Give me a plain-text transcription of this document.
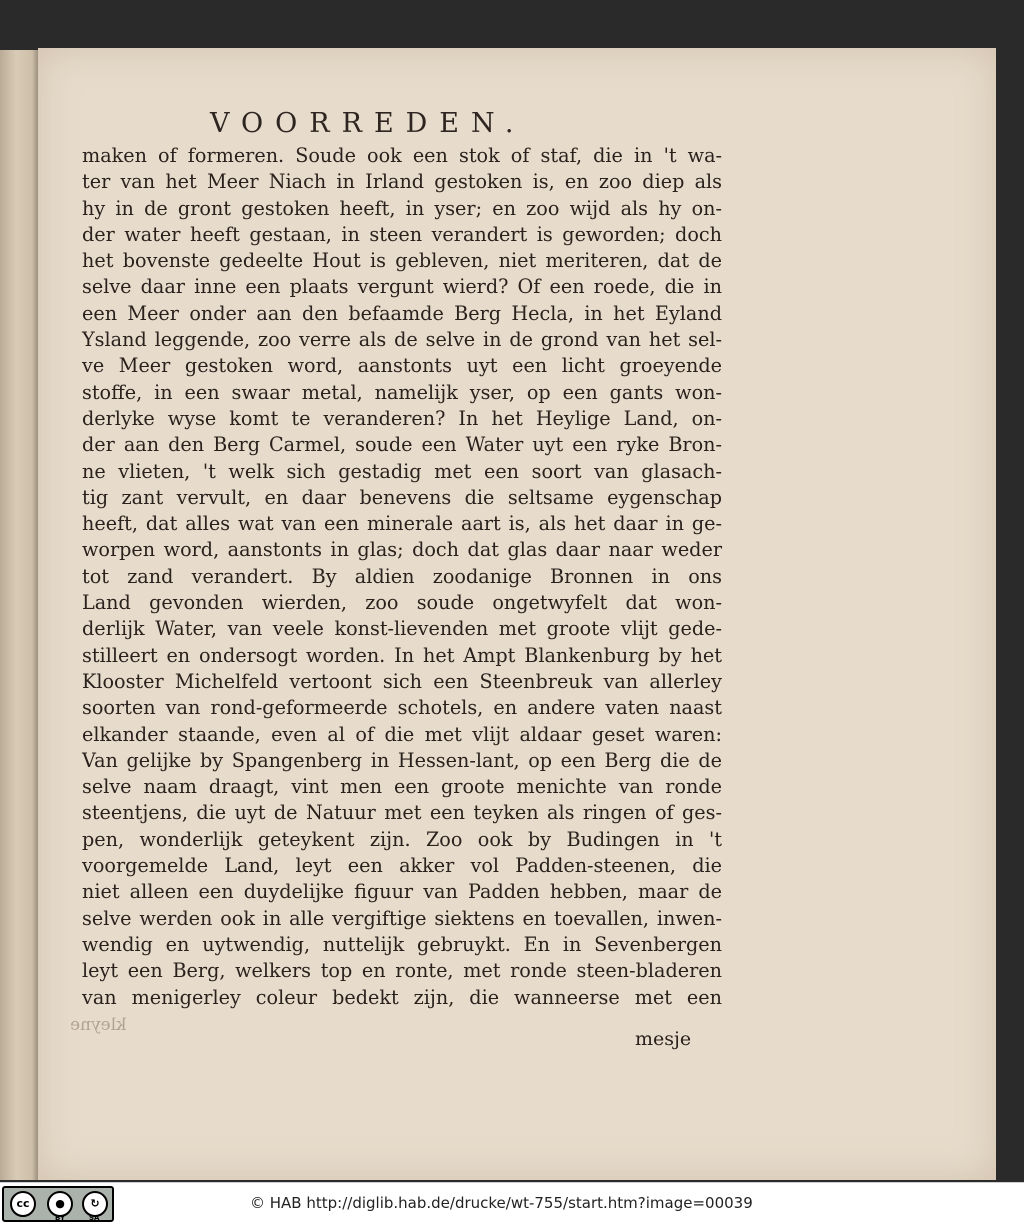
VOORREDEN.
maken of formeren. Soude ook een stok of staf, die in 't wa-
ter van het Meer Niach in Irland gestoken is, en zoo diep als
hy in de gront gestoken heeft, in yser; en zoo wijd als hy on-
der water heeft gestaan, in steen verandert is geworden; doch
het bovenste gedeelte Hout is gebleven, niet meriteren, dat de
selve daar inne een plaats vergunt wierd? Of een roede, die in
een Meer onder aan den befaamde Berg Hecla, in het Eyland
Ysland leggende, zoo verre als de selve in de grond van het sel-
ve Meer gestoken word, aanstonts uyt een licht groeyende
stoffe, in een swaar metal, namelijk yser, op een gants won-
derlyke wyse komt te veranderen? In het Heylige Land, on-
der aan den Berg Carmel, soude een Water uyt een ryke Bron-
ne vlieten, 't welk sich gestadig met een soort van glasach-
tig zant vervult, en daar benevens die seltsame eygenschap
heeft, dat alles wat van een minerale aart is, als het daar in ge-
worpen word, aanstonts in glas; doch dat glas daar naar weder
tot zand verandert. By aldien zoodanige Bronnen in ons
Land gevonden wierden, zoo soude ongetwyfelt dat won-
derlijk Water, van veele konst-lievenden met groote vlijt gede-
stilleert en ondersogt worden. In het Ampt Blankenburg by het
Klooster Michelfeld vertoont sich een Steenbreuk van allerley
soorten van rond-geformeerde schotels, en andere vaten naast
elkander staande, even al of die met vlijt aldaar geset waren:
Van gelijke by Spangenberg in Hessen-lant, op een Berg die de
selve naam draagt, vint men een groote menichte van ronde
steentjens, die uyt de Natuur met een teyken als ringen of ges-
pen, wonderlijk geteykent zijn. Zoo ook by Budingen in 't
voorgemelde Land, leyt een akker vol Padden-steenen, die
niet alleen een duydelijke figuur van Padden hebben, maar de
selve werden ook in alle vergiftige siektens en toevallen, inwen-
wendig en uytwendig, nuttelijk gebruykt. En in Sevenbergen
leyt een Berg, welkers top en ronte, met ronde steen-bladeren
van menigerley coleur bedekt zijn, die wanneerse met een
kleyne
mesje
cc	●	↻
BY	SA
© HAB http://diglib.hab.de/drucke/wt-755/start.htm?image=00039
